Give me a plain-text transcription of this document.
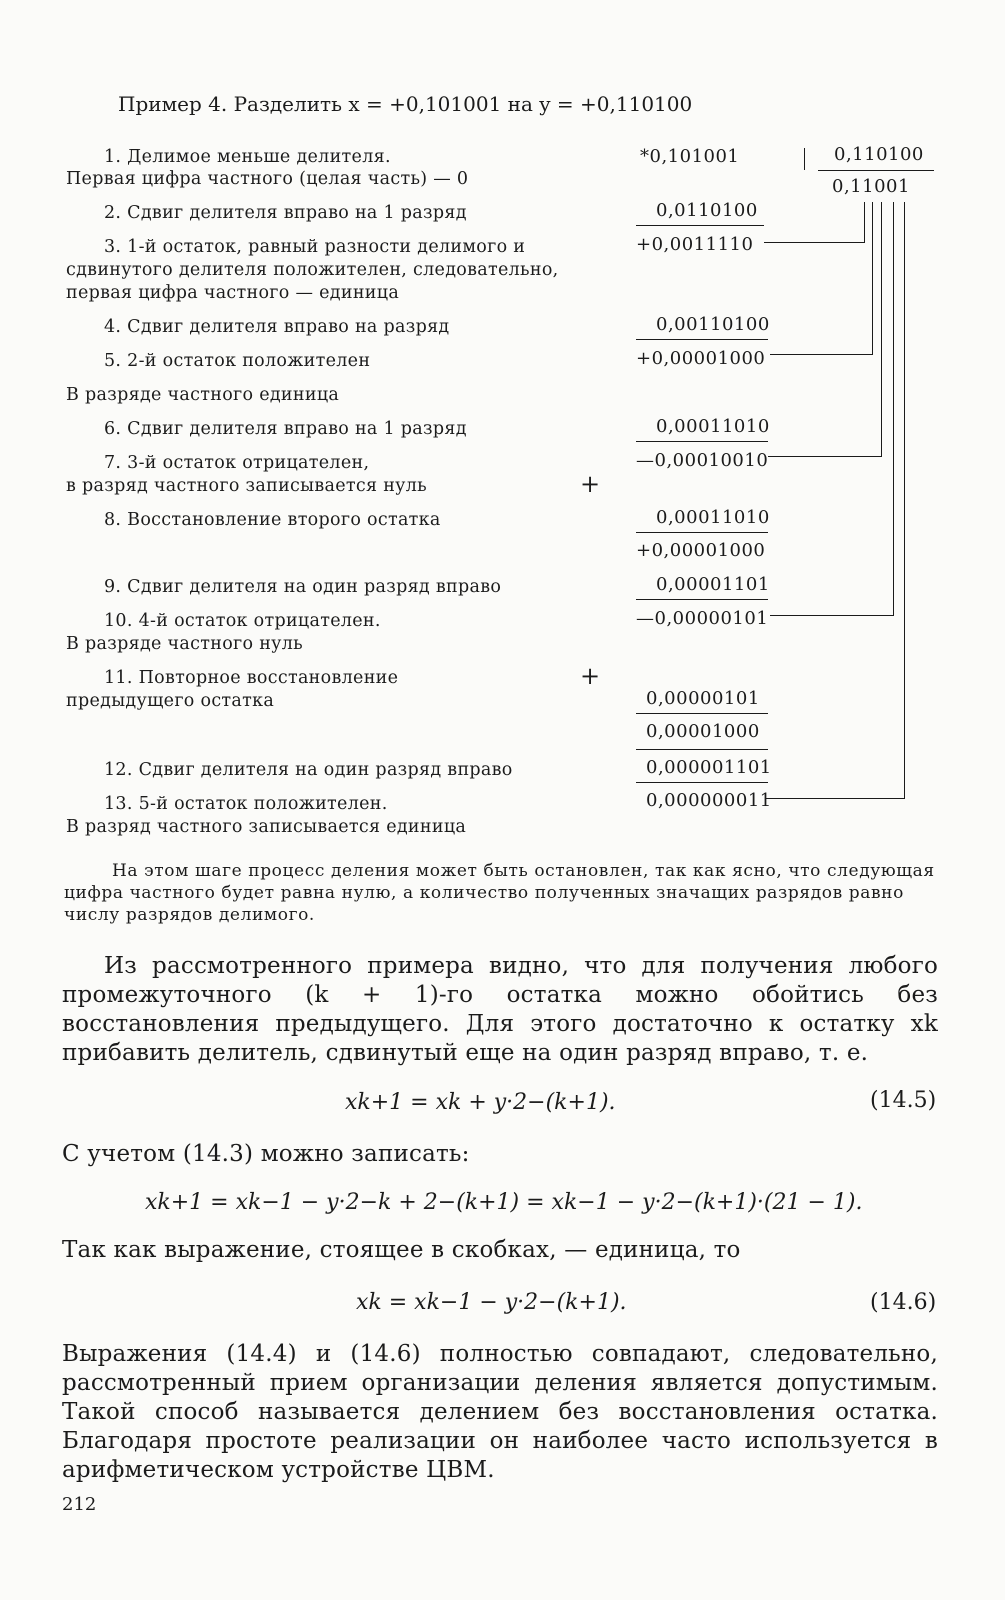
Пример 4. Разделить x = +0,101001 на y = +0,110100
1. Делимое меньше делителя.
Первая цифра частного (целая часть) — 0
2. Сдвиг делителя вправо на 1 разряд
3. 1-й остаток, равный разности делимого и
сдвинутого делителя положителен, следовательно,
первая цифра частного — единица
4. Сдвиг делителя вправо на разряд
5. 2-й остаток положителен
В разряде частного единица
6. Сдвиг делителя вправо на 1 разряд
7. 3-й остаток отрицателен,
в разряд частного записывается нуль
8. Восстановление второго остатка
9. Сдвиг делителя на один разряд вправо
10. 4-й остаток отрицателен.
В разряде частного нуль
11. Повторное восстановление
предыдущего остатка
12. Сдвиг делителя на один разряд вправо
13. 5-й остаток положителен.
В разряд частного записывается единица
+
+
*0,101001
0,0110100
+0,0011110
0,00110100
+0,00001000
0,00011010
—0,00010010
0,00011010
+0,00001000
0,00001101
—0,00000101
0,00000101
0,00001000
0,000001101
0,000000011
0,110100
0,11001
На этом шаге процесс деления может быть остановлен, так как ясно, что следующая цифра частного будет равна нулю, а количество полученных значащих разрядов равно числу разрядов делимого.
Из рассмотренного примера видно, что для получения любого промежуточного (k + 1)-го остатка можно обойтись без восстановления предыдущего. Для этого достаточно к остатку xk прибавить делитель, сдвинутый еще на один разряд вправо, т. е.
xk+1 = xk + y·2−(k+1).	(14.5)
С учетом (14.3) можно записать:
xk+1 = xk−1 − y·2−k + 2−(k+1) = xk−1 − y·2−(k+1)·(21 − 1).
Так как выражение, стоящее в скобках, — единица, то
xk = xk−1 − y·2−(k+1).	(14.6)
Выражения (14.4) и (14.6) полностью совпадают, следовательно, рассмотренный прием организации деления является допустимым. Такой способ называется делением без восстановления остатка. Благодаря простоте реализации он наиболее часто используется в арифметическом устройстве ЦВМ.
212
